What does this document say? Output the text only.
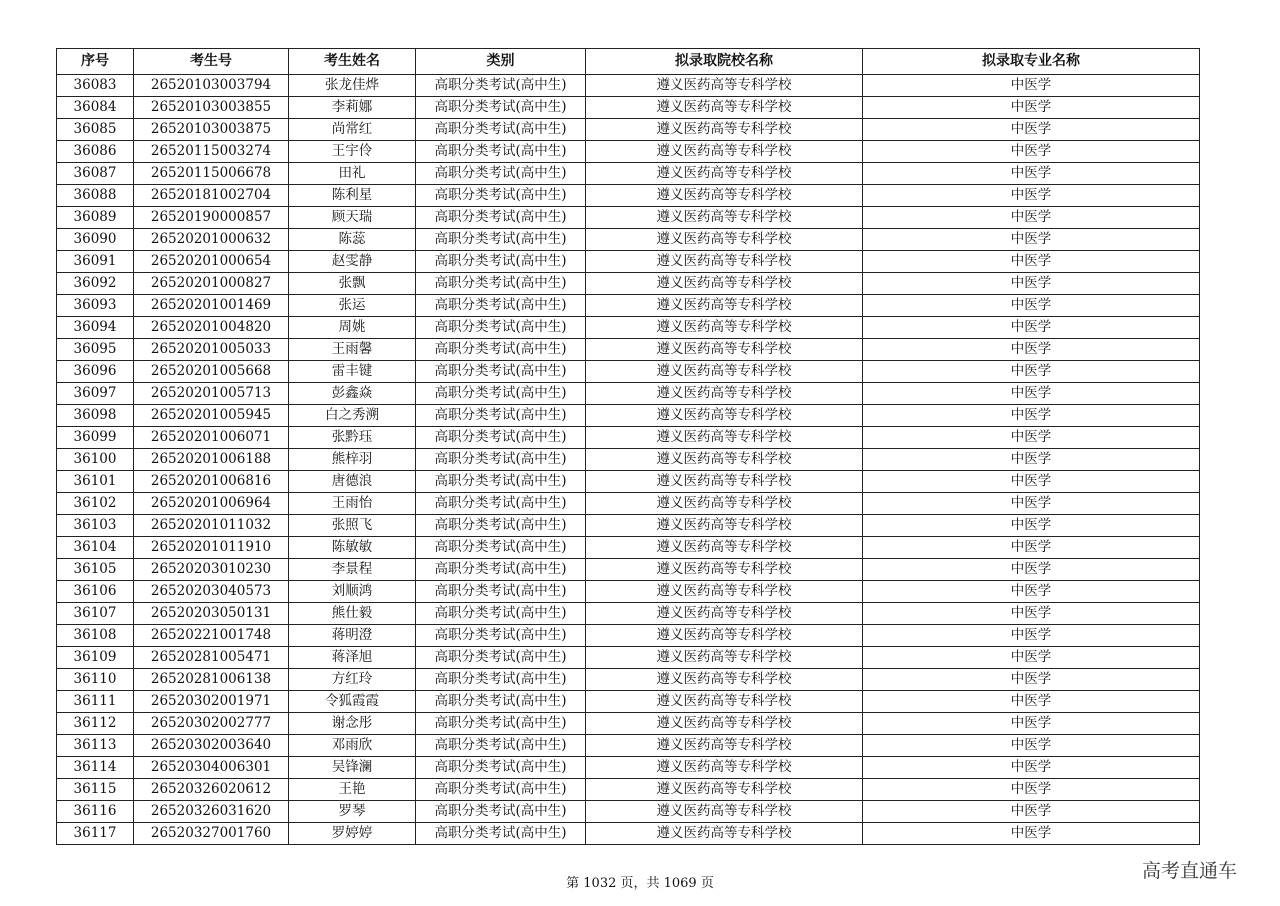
序号	考生号	考生姓名	类别	拟录取院校名称	拟录取专业名称
36083	26520103003794	张龙佳烨	高职分类考试(高中生)	遵义医药高等专科学校	中医学
36084	26520103003855	李莉娜	高职分类考试(高中生)	遵义医药高等专科学校	中医学
36085	26520103003875	尚常红	高职分类考试(高中生)	遵义医药高等专科学校	中医学
36086	26520115003274	王宇伶	高职分类考试(高中生)	遵义医药高等专科学校	中医学
36087	26520115006678	田礼	高职分类考试(高中生)	遵义医药高等专科学校	中医学
36088	26520181002704	陈利星	高职分类考试(高中生)	遵义医药高等专科学校	中医学
36089	26520190000857	顾天瑞	高职分类考试(高中生)	遵义医药高等专科学校	中医学
36090	26520201000632	陈蕊	高职分类考试(高中生)	遵义医药高等专科学校	中医学
36091	26520201000654	赵雯静	高职分类考试(高中生)	遵义医药高等专科学校	中医学
36092	26520201000827	张飘	高职分类考试(高中生)	遵义医药高等专科学校	中医学
36093	26520201001469	张运	高职分类考试(高中生)	遵义医药高等专科学校	中医学
36094	26520201004820	周姚	高职分类考试(高中生)	遵义医药高等专科学校	中医学
36095	26520201005033	王雨馨	高职分类考试(高中生)	遵义医药高等专科学校	中医学
36096	26520201005668	雷丰键	高职分类考试(高中生)	遵义医药高等专科学校	中医学
36097	26520201005713	彭鑫焱	高职分类考试(高中生)	遵义医药高等专科学校	中医学
36098	26520201005945	白之秀溯	高职分类考试(高中生)	遵义医药高等专科学校	中医学
36099	26520201006071	张黔珏	高职分类考试(高中生)	遵义医药高等专科学校	中医学
36100	26520201006188	熊梓羽	高职分类考试(高中生)	遵义医药高等专科学校	中医学
36101	26520201006816	唐德浪	高职分类考试(高中生)	遵义医药高等专科学校	中医学
36102	26520201006964	王雨怡	高职分类考试(高中生)	遵义医药高等专科学校	中医学
36103	26520201011032	张照飞	高职分类考试(高中生)	遵义医药高等专科学校	中医学
36104	26520201011910	陈敏敏	高职分类考试(高中生)	遵义医药高等专科学校	中医学
36105	26520203010230	李景程	高职分类考试(高中生)	遵义医药高等专科学校	中医学
36106	26520203040573	刘顺鸿	高职分类考试(高中生)	遵义医药高等专科学校	中医学
36107	26520203050131	熊仕毅	高职分类考试(高中生)	遵义医药高等专科学校	中医学
36108	26520221001748	蒋明澄	高职分类考试(高中生)	遵义医药高等专科学校	中医学
36109	26520281005471	蒋泽旭	高职分类考试(高中生)	遵义医药高等专科学校	中医学
36110	26520281006138	方红玲	高职分类考试(高中生)	遵义医药高等专科学校	中医学
36111	26520302001971	令狐霞霞	高职分类考试(高中生)	遵义医药高等专科学校	中医学
36112	26520302002777	谢念彤	高职分类考试(高中生)	遵义医药高等专科学校	中医学
36113	26520302003640	邓雨欣	高职分类考试(高中生)	遵义医药高等专科学校	中医学
36114	26520304006301	吴锋澜	高职分类考试(高中生)	遵义医药高等专科学校	中医学
36115	26520326020612	王艳	高职分类考试(高中生)	遵义医药高等专科学校	中医学
36116	26520326031620	罗琴	高职分类考试(高中生)	遵义医药高等专科学校	中医学
36117	26520327001760	罗婷婷	高职分类考试(高中生)	遵义医药高等专科学校	中医学
第 1032 页，共 1069 页
高考直通车
